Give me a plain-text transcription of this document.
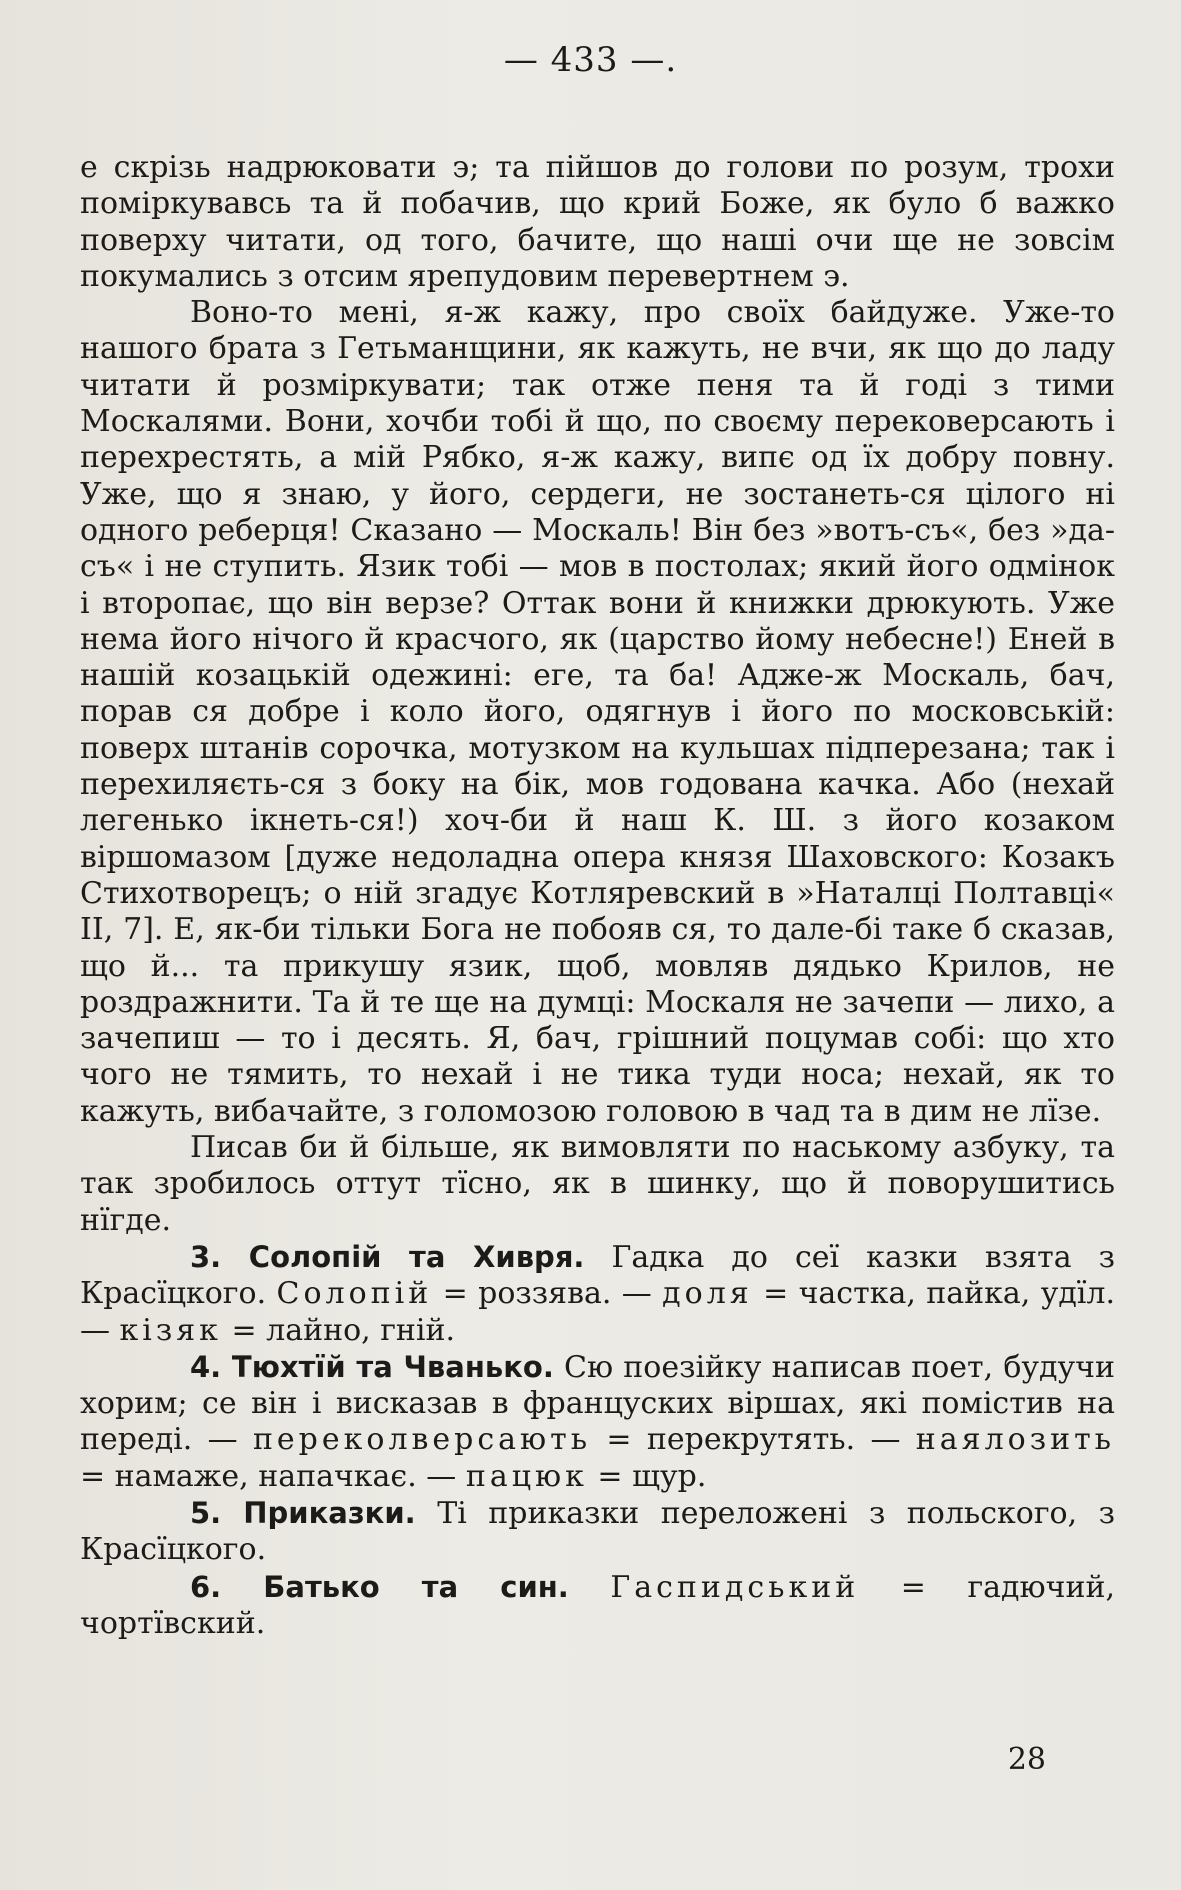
— 433 —.

е скрізь надрюковати э; та пійшов до голови по розум, трохи поміркувавсь та й побачив, що крий Боже, як було б важко поверху читати, од того, бачите, що наші очи ще не зовсім покумались з отсим ярепудовим перевертнем э.

Воно-то мені, я-ж кажу, про своїх байдуже. Уже-то нашого брата з Гетьманщини, як кажуть, не вчи, як що до ладу читати й розміркувати; так отже пеня та й годі з тими Москалями. Вони, хочби тобі й що, по своєму перековерсають і перехрестять, а мій Рябко, я-ж кажу, випє од їх добру повну. Уже, що я знаю, у його, сердеги, не зостанеть-ся цілого ні одного реберця! Сказано — Москаль! Він без »вотъ-съ«, без »да-съ« і не ступить. Язик тобі — мов в постолах; який його одмінок і второпає, що він верзе? Оттак вони й книжки дрюкують. Уже нема його нічого й красчого, як (царство йому небесне!) Еней в нашій козацькій одежині: еге, та ба! Адже-ж Москаль, бач, порав ся добре і коло його, одягнув і його по московській: поверх штанів сорочка, мотузком на кульшах підперезана; так і перехиляєть-ся з боку на бік, мов годована качка. Або (нехай легенько ікнеть-ся!) хоч-би й наш К. Ш. з його козаком віршомазом [дуже недоладна опера князя Шаховского: Козакъ Стихотворецъ; о ній згадує Котляревский в »Наталці Полтавці« II, 7]. Е, як-би тільки Бога не побояв ся, то дале-бі таке б сказав, що й... та прикушу язик, щоб, мовляв дядько Крилов, не роздражнити. Та й те ще на думці: Москаля не зачепи — лихо, а зачепиш — то і десять. Я, бач, грішний поцумав собі: що хто чого не тямить, то нехай і не тика туди носа; нехай, як то кажуть, вибачайте, з голомозою головою в чад та в дим не лїзе.

Писав би й більше, як вимовляти по наському азбуку, та так зробилось оттут тїсно, як в шинку, що й поворушитись нїгде.

3. Солопій та Хивря. Гадка до сеї казки взята з Красїцкого. Солопій = роззява. — доля = частка, пайка, удїл. — кізяк = лайно, гній.

4. Тюхтїй та Чванько. Сю поезійку написав поет, будучи хорим; се він і висказав в француских віршах, які помістив на переді. — переколверсають = перекрутять. — наялозить = намаже, напачкає. — пацюк = щур.

5. Приказки. Ті приказки переложені з польского, з Красїцкого.

6. Батько та син. Гаспидський = гадючий, чортївский.

28
